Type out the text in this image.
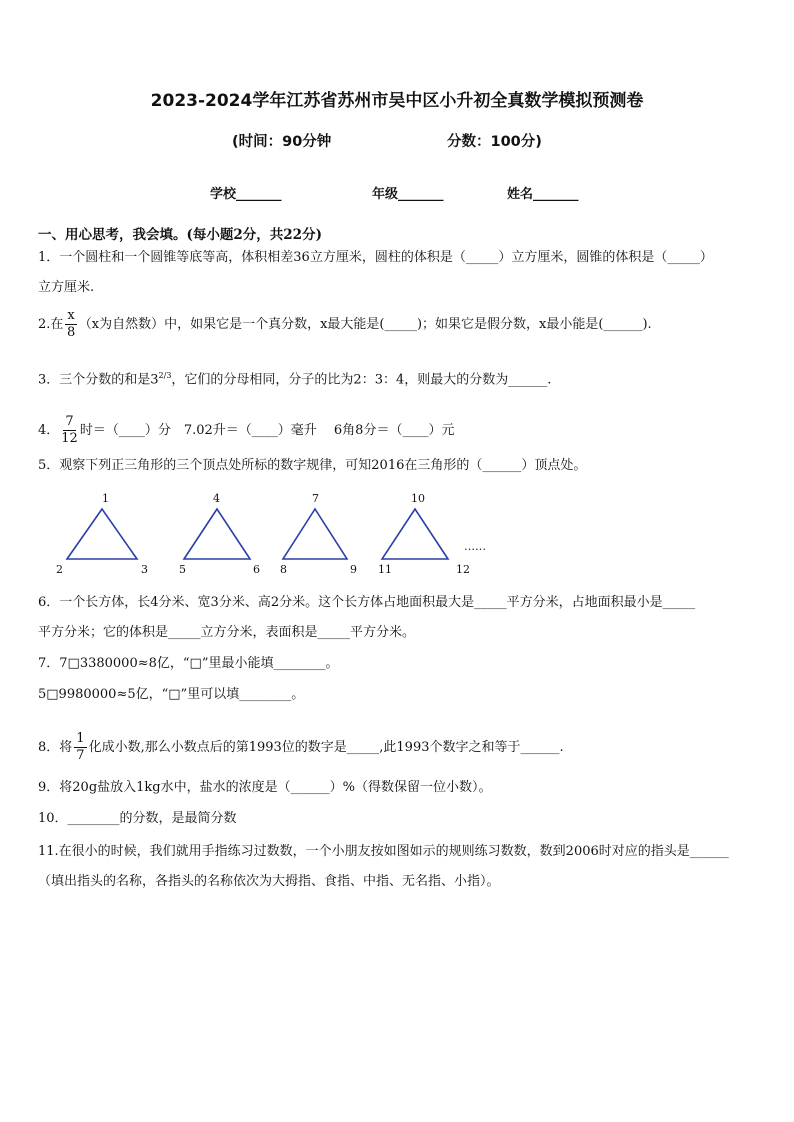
2023-2024学年江苏省苏州市吴中区小升初全真数学模拟预测卷
(时间：90分钟	分数：100分)
学校_______	年级_______	姓名_______
一、用心思考，我会填。(每小题2分，共22分)
1．一个圆柱和一个圆锥等底等高，体积相差36立方厘米，圆柱的体积是（_____）立方厘米，圆锥的体积是（_____）
立方厘米.
2.在 $\frac{x}{8} (x$为自然数）中，如果它是一个真分数，x最大能是(_____)；如果它是假分数，x最小能是(______).
3．三个分数的和是$3^{2/3}$，它们的分母相同，分子的比为2：3：4，则最大的分数为______.
4． $\frac{7}{12}$ 时＝（____）分　7.02升＝（____）毫升　 6角8分＝（____）元
5．观察下列正三角形的三个顶点处所标的数字规律，可知2016在三角形的（______）顶点处。
1
2	3
4
5	6
7
8	9
10
11	12
……
6．一个长方体，长4分米、宽3分米、高2分米。这个长方体占地面积最大是_____平方分米，占地面积最小是_____
平方分米；它的体积是_____立方分米，表面积是_____平方分米。
7．7□3380000≈8亿，“□”里最小能填________。
5□9980000≈5亿，“□”里可以填________。
8．将 $\frac{1}{7}$ 化成小数,那么小数点后的第1993位的数字是_____,此1993个数字之和等于______.
9．将20g盐放入1kg水中，盐水的浓度是（______）%（得数保留一位小数）。
10．________的分数，是最简分数
11.在很小的时候，我们就用手指练习过数数，一个小朋友按如图如示的规则练习数数，数到2006时对应的指头是______
（填出指头的名称，各指头的名称依次为大拇指、食指、中指、无名指、小指）。
